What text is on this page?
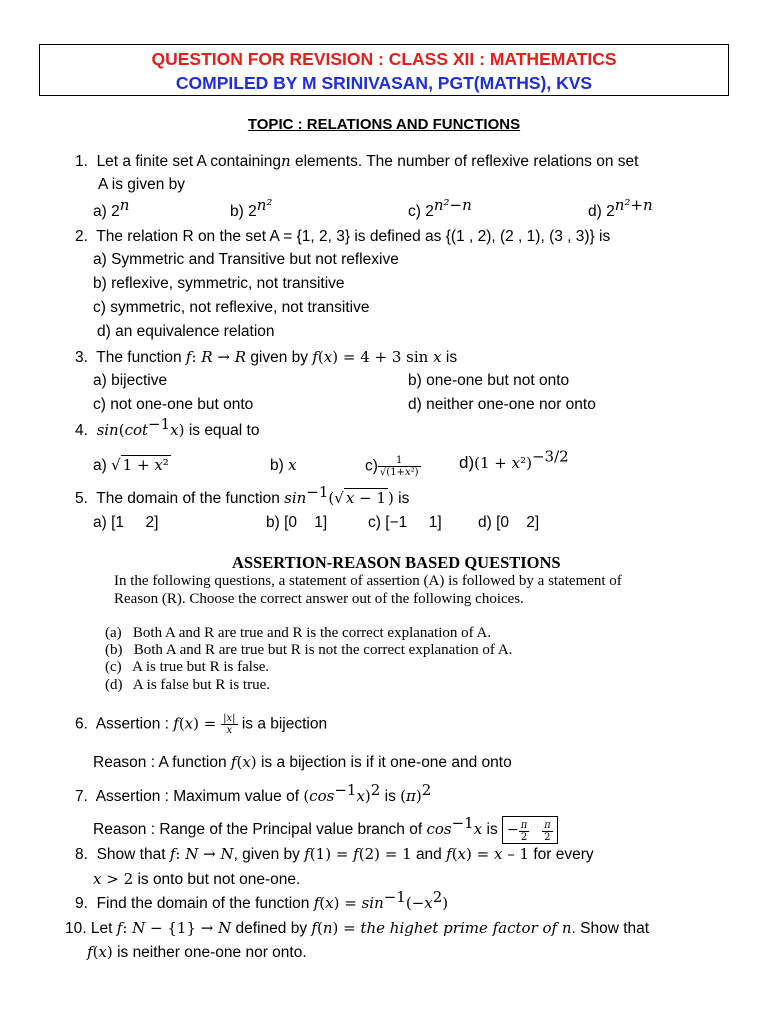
QUESTION FOR REVISION : CLASS XII : MATHEMATICS
COMPILED BY M SRINIVASAN, PGT(MATHS), KVS
TOPIC : RELATIONS AND FUNCTIONS
1. Let a finite set A containingn elements. The number of reflexive relations on set
A is given by
a) 2$^n$	b) $2^{n^2}$	c) $2^{n^2-n}$	d) $2^{n^2+n}$
2. The relation R on the set A = {1, 2, 3} is defined as {(1 , 2), (2 , 1), (3 , 3)} is
a) Symmetric and Transitive but not reflexive
b) reflexive, symmetric, not transitive
c) symmetric, not reflexive, not transitive
d) an equivalence relation
3. The function f: R → R given by f(x) = 4 + 3 sin x is
a) bijective	b) one-one but not onto
c) not one-one but onto	d) neither one-one nor onto
4. $\sin(\cot^{-1}x)$ is equal to
a) √ 1 + x²	b) x	$c) \frac{1}{\text{√(1+x²)}} d)(1 + x^2)^{-3/2}$
5. The domain of the function $\sin^{-1}(√$ x − 1 ) is
a) [1     2]	b) [0    1]	c) [−1     1] d) [0    2]
ASSERTION-REASON BASED QUESTIONS
In the following questions, a statement of assertion (A) is followed by a statement of
Reason (R). Choose the correct answer out of the following choices.
(a)   Both A and R are true and R is the correct explanation of A.
(b)   Both A and R are true but R is not the correct explanation of A.
(c)   A is true but R is false.
(d)   A is false but R is true.
6. Assertion : $f(x) = \frac{|x|}{x}$ is a bijection
Reason : A function f(x) is a bijection is if it one-one and onto
7. Assertion : Maximum value of $(\cos^{-1}x)^2$ is $(\pi)^2$
Reason : Range of the Principal value branch of $\cos^{-1}x$ is − $\frac{\pi}{2}$
$\frac{\pi}{2}$
8. Show that f: N → N, given by f(1) = f(2) = 1 and f(x) = x – 1 for every
x > 2 is onto but not one-one.
9. Find the domain of the function $f(x) = \sin^{-1}(-x^2)$
10. Let f: N − {1} → N defined by f(n) = the highet prime factor of n. Show that
f(x) is neither one-one nor onto.
